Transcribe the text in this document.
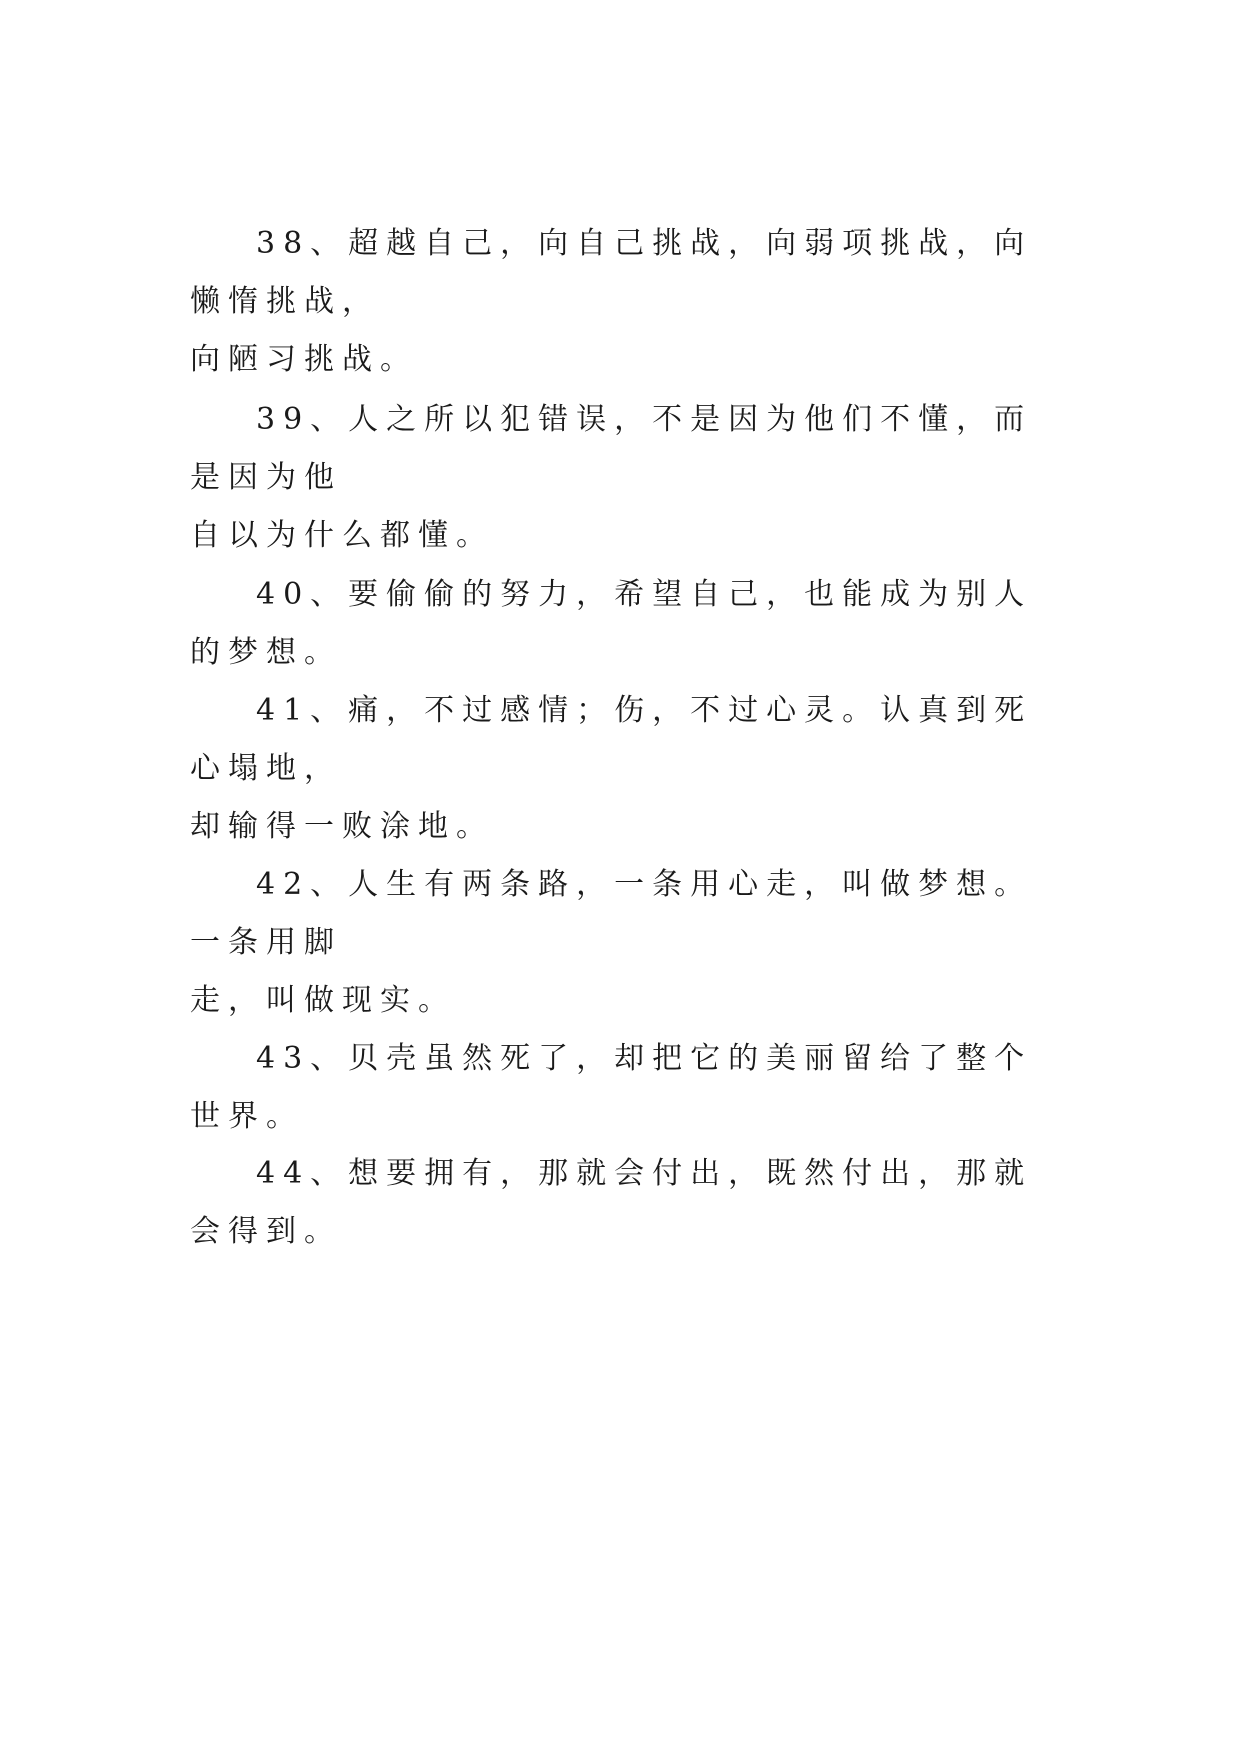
38、超越自己，向自己挑战，向弱项挑战，向懒惰挑战，
向陋习挑战。

39、人之所以犯错误，不是因为他们不懂，而是因为他
自以为什么都懂。

40、要偷偷的努力，希望自己，也能成为别人的梦想。

41、痛，不过感情；伤，不过心灵。认真到死心塌地，
却输得一败涂地。

42、人生有两条路，一条用心走，叫做梦想。一条用脚
走，叫做现实。

43、贝壳虽然死了，却把它的美丽留给了整个世界。

44、想要拥有，那就会付出，既然付出，那就会得到。
